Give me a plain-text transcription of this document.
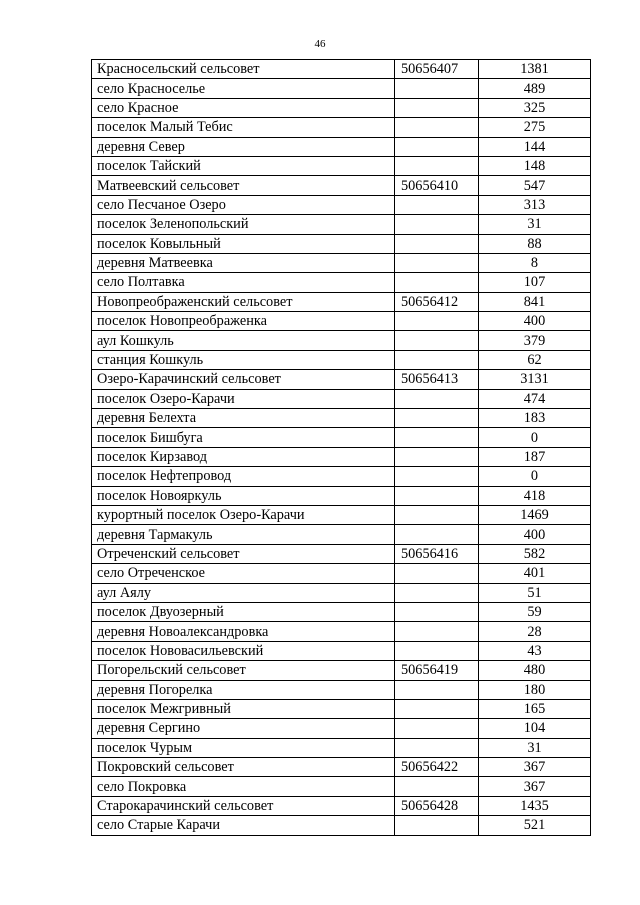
46
Красносельский сельсовет	50656407	1381
село Красноселье		489
село Красное		325
поселок Малый Тебис		275
деревня Север		144
поселок Тайский		148
Матвеевский сельсовет	50656410	547
село Песчаное Озеро		313
поселок Зеленопольский		31
поселок Ковыльный		88
деревня Матвеевка		8
село Полтавка		107
Новопреображенский сельсовет	50656412	841
поселок Новопреображенка		400
аул Кошкуль		379
станция Кошкуль		62
Озеро-Карачинский сельсовет	50656413	3131
поселок Озеро-Карачи		474
деревня Белехта		183
поселок Бишбуга		0
поселок Кирзавод		187
поселок Нефтепровод		0
поселок Новояркуль		418
курортный поселок Озеро-Карачи		1469
деревня Тармакуль		400
Отреченский сельсовет	50656416	582
село Отреченское		401
аул Аялу		51
поселок Двуозерный		59
деревня Новоалександровка		28
поселок Нововасильевский		43
Погорельский сельсовет	50656419	480
деревня Погорелка		180
поселок Межгривный		165
деревня Сергино		104
поселок Чурым		31
Покровский сельсовет	50656422	367
село Покровка		367
Старокарачинский сельсовет	50656428	1435
село Старые Карачи		521
